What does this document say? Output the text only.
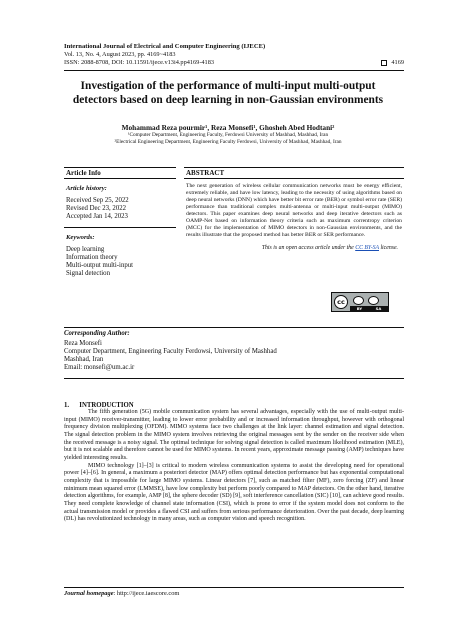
International Journal of Electrical and Computer Engineering (IJECE)
Vol. 13, No. 4, August 2023, pp. 4169~4183
ISSN: 2088-8708, DOI: 10.11591/ijece.v13i4.pp4169-4183	4169
Investigation of the performance of multi-input multi-output detectors based on deep learning in non-Gaussian environments
Mohammad Reza pourmir¹, Reza Monsefi¹, Ghosheh Abed Hodtani²
¹Computer Department, Engineering Faculty, Ferdowsi University of Mashhad, Mashhad, Iran
²Electrical Engineering Department, Engineering Faculty Ferdowsi, University of Mashhad, Mashhad, Iran
Article Info
Article history:
Received Sep 25, 2022
Revised Dec 23, 2022
Accepted Jan 14, 2023
Keywords:
Deep learning
Information theory
Multi-output multi-input
Signal detection
ABSTRACT
The next generation of wireless cellular communication networks must be energy efficient, extremely reliable, and have low latency, leading to the necessity of using algorithms based on deep neural networks (DNN) which have better bit error rate (BER) or symbol error rate (SER) performance than traditional complex multi-antenna or multi-input multi-output (MIMO) detectors. This paper examines deep neural networks and deep iterative detectors such as OAMP-Net based on information theory criteria such as maximum correntropy criterion (MCC) for the implementation of MIMO detectors in non-Gaussian environments, and the results illustrate that the proposed method has better BER or SER performance.
This is an open access article under the CC BY-SA license.
cc
BY	SA
Corresponding Author:
Reza Monsefi
Computer Department, Engineering Faculty Ferdowsi, University of Mashhad
Mashhad, Iran
Email: monsefi@um.ac.ir
1.      INTRODUCTION

The fifth generation (5G) mobile communication system has several advantages, especially with the use of multi-output multi-input (MIMO) receiver-transmitter, leading to lower error probability and or increased information throughput, however with orthogonal frequency division multiplexing (OFDM). MIMO systems face two challenges at the link layer: channel estimation and signal detection. The signal detection problem in the MIMO system involves retrieving the original messages sent by the sender on the receiver side when the received message is a noisy signal. The optimal technique for solving signal detection is called maximum likelihood estimation (MLE), but it is not scalable and therefore cannot be used for MIMO systems. In recent years, approximate message passing (AMP) techniques have yielded interesting results.

MIMO technology [1]–[3] is critical to modern wireless communication systems to assist the developing need for operational power [4]–[6]. In general, a maximum a posteriori detector (MAP) offers optimal detection performance but has exponential computational complexity that is impossible for large MIMO systems. Linear detectors [7], such as matched filter (MF), zero forcing (ZF) and linear minimum mean squared error (LMMSE), have low complexity but perform poorly compared to MAP detectors. On the other hand, iterative detection algorithms, for example, AMP [8], the sphere decoder (SD) [9], soft interference cancellation (SIC) [10], can achieve good results. They need complete knowledge of channel state information (CSI), which is prone to error if the system model does not conform to the actual transmission model or provides a flawed CSI and suffers from serious performance deterioration. Over the past decade, deep learning (DL) has revolutionized technology in many areas, such as computer vision and speech recognition.

Journal homepage: http://ijece.iaescore.com
